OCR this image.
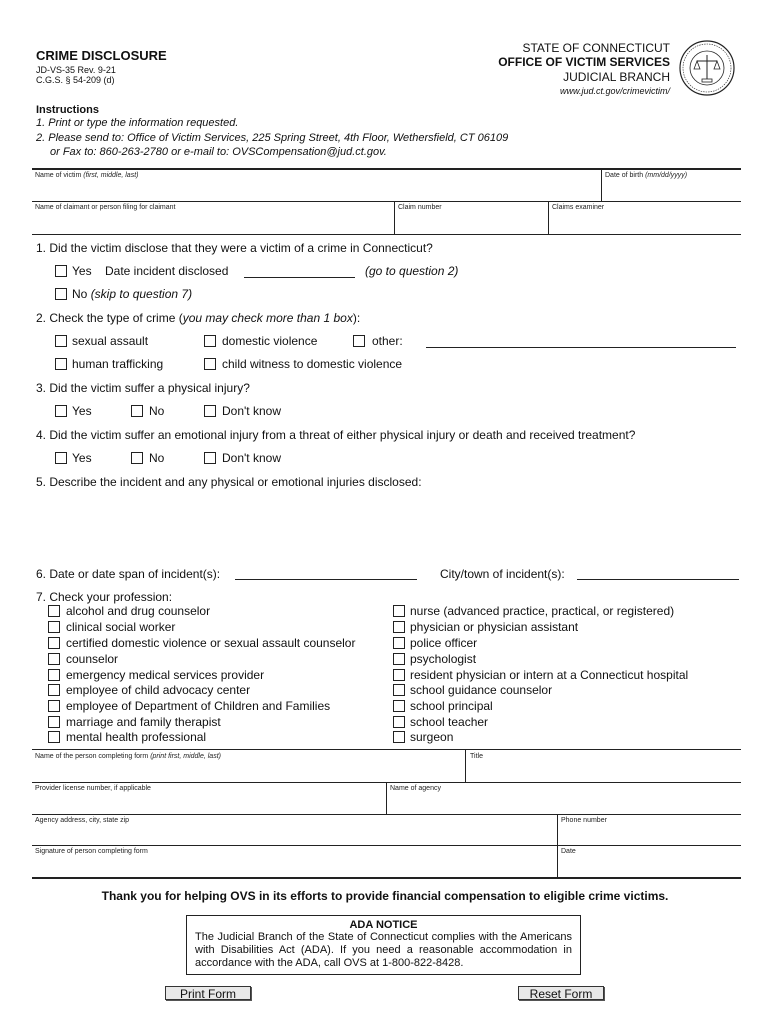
CRIME DISCLOSURE
JD-VS-35 Rev. 9-21
C.G.S. § 54-209 (d)
STATE OF CONNECTICUT
OFFICE OF VICTIM SERVICES
JUDICIAL BRANCH
www.jud.ct.gov/crimevictim/
Instructions
1. Print or type the information requested.
2. Please send to: Office of Victim Services, 225 Spring Street, 4th Floor, Wethersfield, CT 06109
or Fax to: 860-263-2780 or e-mail to: OVSCompensation@jud.ct.gov.
Name of victim (first, middle, last)	Date of birth (mm/dd/yyyy)
Name of claimant or person filing for claimant	Claim number	Claims examiner
1. Did the victim disclose that they were a victim of a crime in Connecticut?
Yes Date incident disclosed	(go to question 2)
No (skip to question 7)
2. Check the type of crime (you may check more than 1 box):
sexual assault	domestic violence	other:
human trafficking	child witness to domestic violence
3. Did the victim suffer a physical injury?
Yes	No	Don't know
4. Did the victim suffer an emotional injury from a threat of either physical injury or death and received treatment?
Yes	No	Don't know
5. Describe the incident and any physical or emotional injuries disclosed:
6. Date or date span of incident(s):	City/town of incident(s):
7. Check your profession:
alcohol and drug counselor
clinical social worker
certified domestic violence or sexual assault counselor
counselor
emergency medical services provider
employee of child advocacy center
employee of Department of Children and Families
marriage and family therapist
mental health professional
nurse (advanced practice, practical, or registered)
physician or physician assistant
police officer
psychologist
resident physician or intern at a Connecticut hospital
school guidance counselor
school principal
school teacher
surgeon
Name of the person completing form (print first, middle, last)	Title
Provider license number, if applicable	Name of agency
Agency address, city, state zip	Phone number
Signature of person completing form	Date
Thank you for helping OVS in its efforts to provide financial compensation to eligible crime victims.
ADA NOTICE
The Judicial Branch of the State of Connecticut complies with the Americans with Disabilities Act (ADA). If you need a reasonable accommodation in accordance with the ADA, call OVS at 1-800-822-8428.
Print Form	Reset Form
